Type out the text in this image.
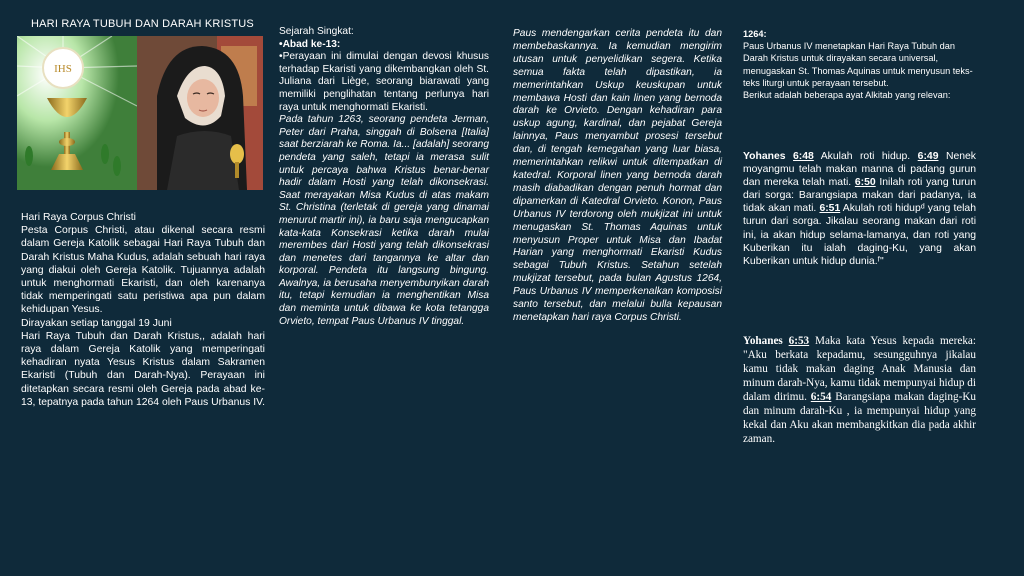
HARI RAYA TUBUH DAN DARAH KRISTUS
IHS

Hari Raya Corpus Christi

Pesta Corpus Christi, atau dikenal secara resmi dalam Gereja Katolik sebagai Hari Raya Tubuh dan Darah Kristus Maha Kudus, adalah sebuah hari raya yang diakui oleh Gereja Katolik. Tujuannya adalah untuk menghormati Ekaristi, dan oleh karenanya tidak memperingati satu peristiwa apa pun dalam kehidupan Yesus.

Dirayakan setiap tanggal 19 Juni

Hari Raya Tubuh dan Darah Kristus,, adalah hari raya dalam Gereja Katolik yang memperingati kehadiran nyata Yesus Kristus dalam Sakramen Ekaristi (Tubuh dan Darah-Nya). Perayaan ini ditetapkan secara resmi oleh Gereja pada abad ke-13, tepatnya pada tahun 1264 oleh Paus Urbanus IV.

Sejarah Singkat:

•Abad ke-13:

•Perayaan ini dimulai dengan devosi khusus terhadap Ekaristi yang dikembangkan oleh St. Juliana dari Liège, seorang biarawati yang memiliki penglihatan tentang perlunya hari raya untuk menghormati Ekaristi.

Pada tahun 1263, seorang pendeta Jerman, Peter dari Praha, singgah di Bolsena [Italia] saat berziarah ke Roma. Ia... [adalah] seorang pendeta yang saleh, tetapi ia merasa sulit untuk percaya bahwa Kristus benar-benar hadir dalam Hosti yang telah dikonsekrasi. Saat merayakan Misa Kudus di atas makam St. Christina (terletak di gereja yang dinamai menurut martir ini), ia baru saja mengucapkan kata-kata Konsekrasi ketika darah mulai merembes dari Hosti yang telah dikonsekrasi dan menetes dari tangannya ke altar dan korporal. Pendeta itu langsung bingung. Awalnya, ia berusaha menyembunyikan darah itu, tetapi kemudian ia menghentikan Misa dan meminta untuk dibawa ke kota tetangga Orvieto, tempat Paus Urbanus IV tinggal.

Paus mendengarkan cerita pendeta itu dan membebaskannya. Ia kemudian mengirim utusan untuk penyelidikan segera. Ketika semua fakta telah dipastikan, ia memerintahkan Uskup keuskupan untuk membawa Hosti dan kain linen yang bernoda darah ke Orvieto. Dengan kehadiran para uskup agung, kardinal, dan pejabat Gereja lainnya, Paus menyambut prosesi tersebut dan, di tengah kemegahan yang luar biasa, memerintahkan relikwi untuk ditempatkan di katedral. Korporal linen yang bernoda darah masih diabadikan dengan penuh hormat dan dipamerkan di Katedral Orvieto. Konon, Paus Urbanus IV terdorong oleh mukjizat ini untuk menugaskan St. Thomas Aquinas untuk menyusun Proper untuk Misa dan Ibadat Harian yang menghormati Ekaristi Kudus sebagai Tubuh Kristus. Setahun setelah mukjizat tersebut, pada bulan Agustus 1264, Paus Urbanus IV memperkenalkan komposisi santo tersebut, dan melalui bulla kepausan menetapkan hari raya Corpus Christi.

1264:

Paus Urbanus IV menetapkan Hari Raya Tubuh dan Darah Kristus untuk dirayakan secara universal, menugaskan St. Thomas Aquinas untuk menyusun teks-teks liturgi untuk perayaan tersebut.

Berikut adalah beberapa ayat Alkitab yang relevan:

Yohanes 6:48 Akulah roti hidup. 6:49 Nenek moyangmu telah makan manna di padang gurun dan mereka telah mati. 6:50 Inilah roti yang turun dari sorga: Barangsiapa makan dari padanya, ia tidak akan mati. 6:51 Akulah roti hidupᵈ yang telah turun dari sorga. Jikalau seorang makan dari roti ini, ia akan hidup selama-lamanya, dan roti yang Kuberikan itu ialah daging-Ku, yang akan Kuberikan untuk hidup dunia.ᶠ"
Yohanes 6:53 Maka kata Yesus kepada mereka: "Aku berkata kepadamu, sesungguhnya jikalau kamu tidak makan daging Anak Manusia dan minum darah-Nya, kamu tidak mempunyai hidup di dalam dirimu. 6:54 Barangsiapa makan daging-Ku dan minum darah-Ku , ia mempunyai hidup yang kekal dan Aku akan membangkitkan dia pada akhir zaman.
